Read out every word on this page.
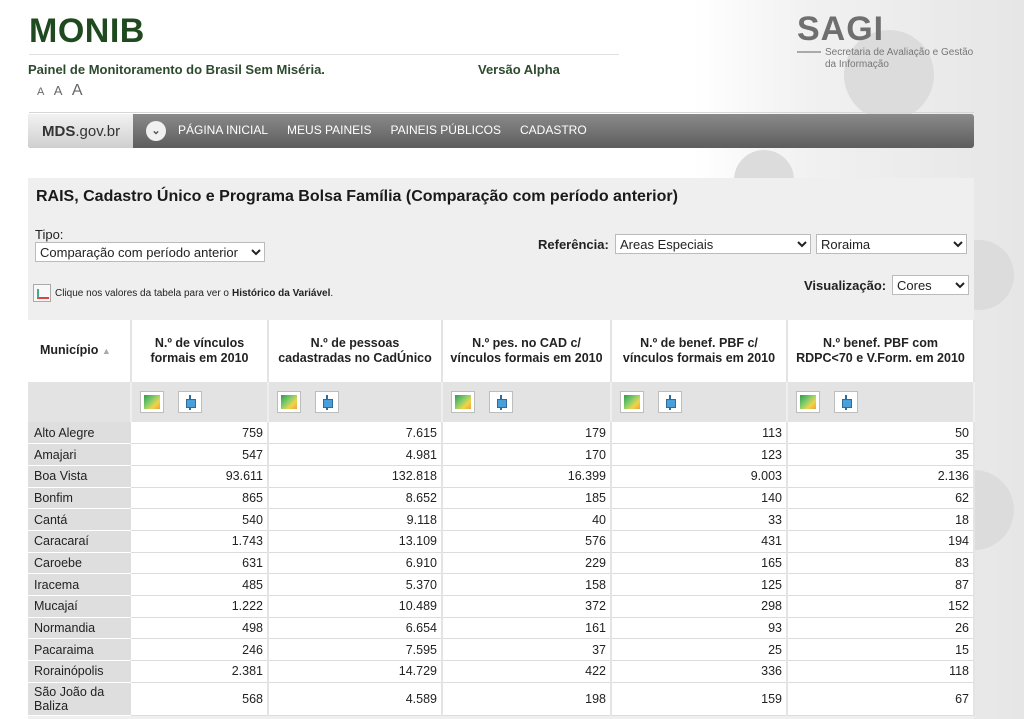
MONIB
Painel de Monitoramento do Brasil Sem Miséria.	Versão Alpha
A A A
SAGI
Secretaria de Avaliação e Gestão da Informação
MDS.gov.br	⌄	PÁGINA INICIAL MEUS PAINEIS PAINEIS PÚBLICOS CADASTRO
RAIS, Cadastro Único e Programa Bolsa Família (Comparação com período anterior)
Tipo:
Comparação com período anterior
Referência:
Areas Especiais
Roraima
Visualização:
Cores
Clique nos valores da tabela para ver o Histórico da Variável .
Município ▲	N.º de vínculos formais em 2010	N.º de pessoas cadastradas no CadÚnico	N.º pes. no CAD c/ vínculos formais em 2010	N.º de benef. PBF c/ vínculos formais em 2010	N.º benef. PBF com RDPC<70 e V.Form. em 2010

Alto Alegre	759	7.615	179	113	50
Amajari	547	4.981	170	123	35
Boa Vista	93.611	132.818	16.399	9.003	2.136
Bonfim	865	8.652	185	140	62
Cantá	540	9.118	40	33	18
Caracaraí	1.743	13.109	576	431	194
Caroebe	631	6.910	229	165	83
Iracema	485	5.370	158	125	87
Mucajaí	1.222	10.489	372	298	152
Normandia	498	6.654	161	93	26
Pacaraima	246	7.595	37	25	15
Rorainópolis	2.381	14.729	422	336	118
São João da Baliza	568	4.589	198	159	67
